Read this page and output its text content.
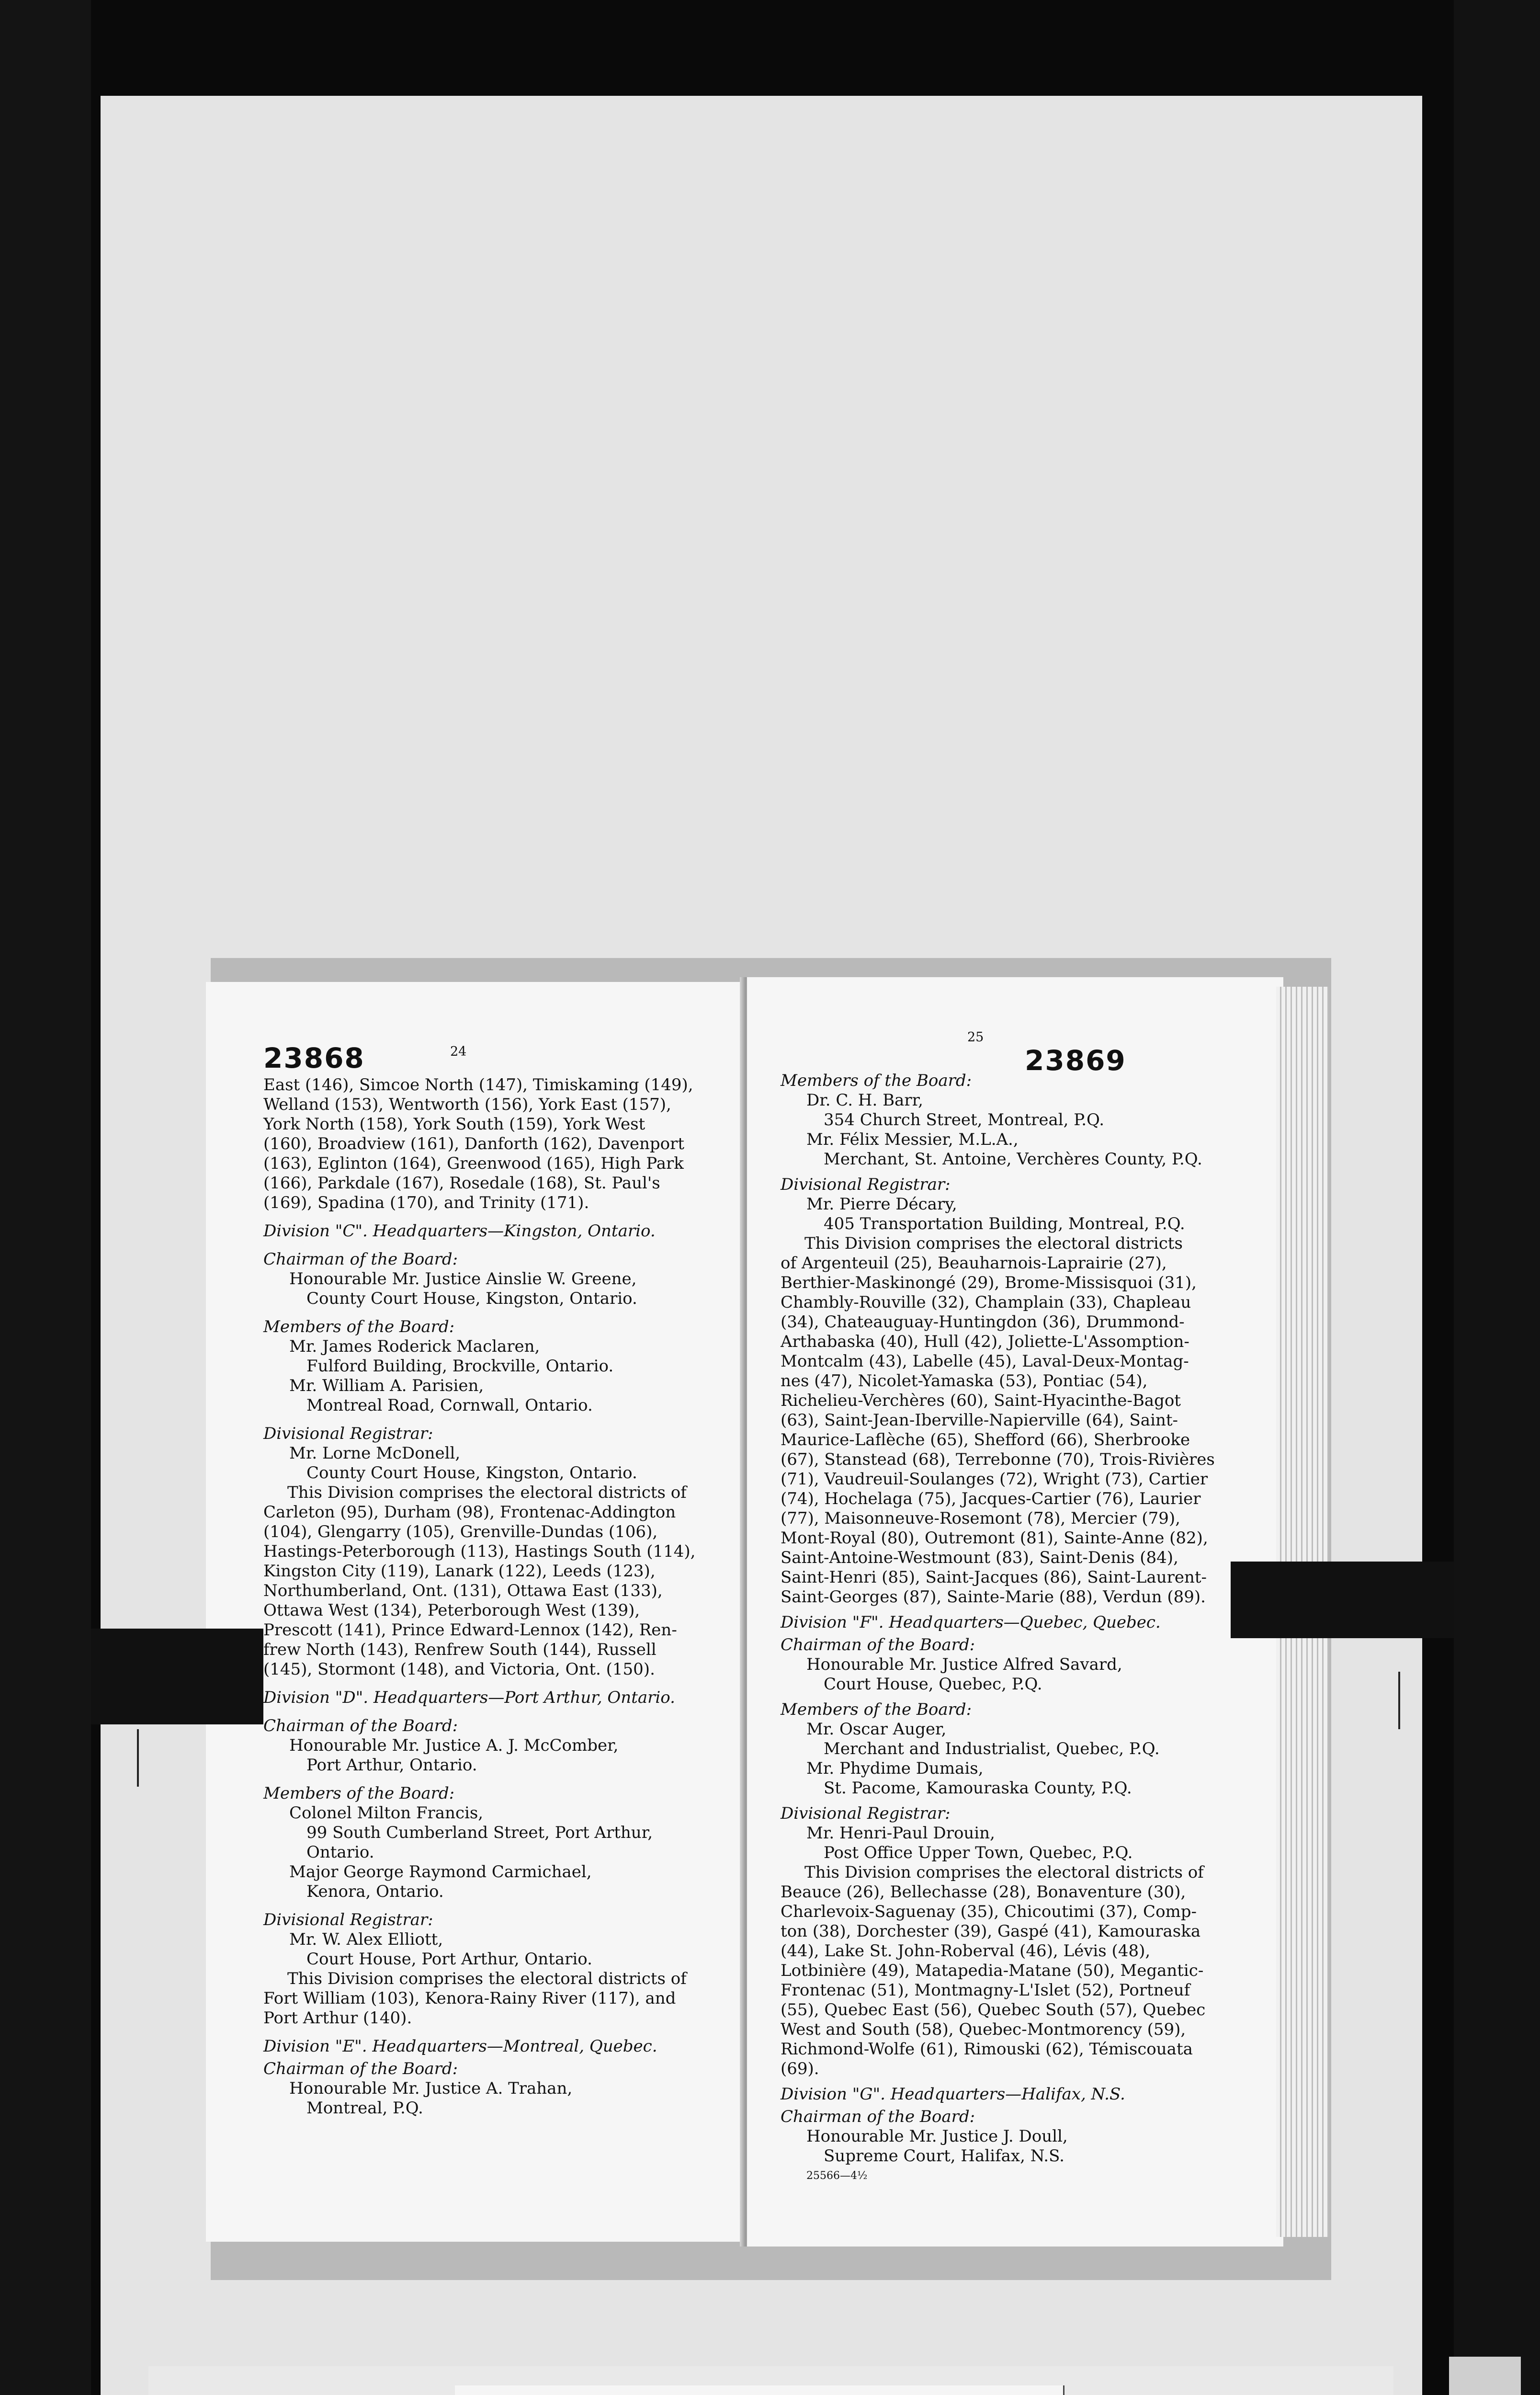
23868	24

East (146), Simcoe North (147), Timiskaming (149),

Welland (153), Wentworth (156), York East (157),

York North (158), York South (159), York West

(160), Broadview (161), Danforth (162), Davenport

(163), Eglinton (164), Greenwood (165), High Park

(166), Parkdale (167), Rosedale (168), St. Paul's

(169), Spadina (170), and Trinity (171).

Division "C". Headquarters—Kingston, Ontario.

Chairman of the Board:

Honourable Mr. Justice Ainslie W. Greene,

County Court House, Kingston, Ontario.

Members of the Board:

Mr. James Roderick Maclaren,

Fulford Building, Brockville, Ontario.

Mr. William A. Parisien,

Montreal Road, Cornwall, Ontario.

Divisional Registrar:

Mr. Lorne McDonell,

County Court House, Kingston, Ontario.

This Division comprises the electoral districts of

Carleton (95), Durham (98), Frontenac-Addington

(104), Glengarry (105), Grenville-Dundas (106),

Hastings-Peterborough (113), Hastings South (114),

Kingston City (119), Lanark (122), Leeds (123),

Northumberland, Ont. (131), Ottawa East (133),

Ottawa West (134), Peterborough West (139),

Prescott (141), Prince Edward-Lennox (142), Ren-

frew North (143), Renfrew South (144), Russell

(145), Stormont (148), and Victoria, Ont. (150).

Division "D". Headquarters—Port Arthur, Ontario.

Chairman of the Board:

Honourable Mr. Justice A. J. McComber,

Port Arthur, Ontario.

Members of the Board:

Colonel Milton Francis,

99 South Cumberland Street, Port Arthur,

Ontario.

Major George Raymond Carmichael,

Kenora, Ontario.

Divisional Registrar:

Mr. W. Alex Elliott,

Court House, Port Arthur, Ontario.

This Division comprises the electoral districts of

Fort William (103), Kenora-Rainy River (117), and

Port Arthur (140).

Division "E". Headquarters—Montreal, Quebec.

Chairman of the Board:

Honourable Mr. Justice A. Trahan,

Montreal, P.Q.

25
23869

Members of the Board:

Dr. C. H. Barr,

354 Church Street, Montreal, P.Q.

Mr. Félix Messier, M.L.A.,

Merchant, St. Antoine, Verchères County, P.Q.

Divisional Registrar:

Mr. Pierre Décary,

405 Transportation Building, Montreal, P.Q.

This Division comprises the electoral districts

of Argenteuil (25), Beauharnois-Laprairie (27),

Berthier-Maskinongé (29), Brome-Missisquoi (31),

Chambly-Rouville (32), Champlain (33), Chapleau

(34), Chateauguay-Huntingdon (36), Drummond-

Arthabaska (40), Hull (42), Joliette-L'Assomption-

Montcalm (43), Labelle (45), Laval-Deux-Montag-

nes (47), Nicolet-Yamaska (53), Pontiac (54),

Richelieu-Verchères (60), Saint-Hyacinthe-Bagot

(63), Saint-Jean-Iberville-Napierville (64), Saint-

Maurice-Laflèche (65), Shefford (66), Sherbrooke

(67), Stanstead (68), Terrebonne (70), Trois-Rivières

(71), Vaudreuil-Soulanges (72), Wright (73), Cartier

(74), Hochelaga (75), Jacques-Cartier (76), Laurier

(77), Maisonneuve-Rosemont (78), Mercier (79),

Mont-Royal (80), Outremont (81), Sainte-Anne (82),

Saint-Antoine-Westmount (83), Saint-Denis (84),

Saint-Henri (85), Saint-Jacques (86), Saint-Laurent-

Saint-Georges (87), Sainte-Marie (88), Verdun (89).

Division "F". Headquarters—Quebec, Quebec.

Chairman of the Board:

Honourable Mr. Justice Alfred Savard,

Court House, Quebec, P.Q.

Members of the Board:

Mr. Oscar Auger,

Merchant and Industrialist, Quebec, P.Q.

Mr. Phydime Dumais,

St. Pacome, Kamouraska County, P.Q.

Divisional Registrar:

Mr. Henri-Paul Drouin,

Post Office Upper Town, Quebec, P.Q.

This Division comprises the electoral districts of

Beauce (26), Bellechasse (28), Bonaventure (30),

Charlevoix-Saguenay (35), Chicoutimi (37), Comp-

ton (38), Dorchester (39), Gaspé (41), Kamouraska

(44), Lake St. John-Roberval (46), Lévis (48),

Lotbinière (49), Matapedia-Matane (50), Megantic-

Frontenac (51), Montmagny-L'Islet (52), Portneuf

(55), Quebec East (56), Quebec South (57), Quebec

West and South (58), Quebec-Montmorency (59),

Richmond-Wolfe (61), Rimouski (62), Témiscouata

(69).

Division "G". Headquarters—Halifax, N.S.

Chairman of the Board:

Honourable Mr. Justice J. Doull,

Supreme Court, Halifax, N.S.

25566—4½
